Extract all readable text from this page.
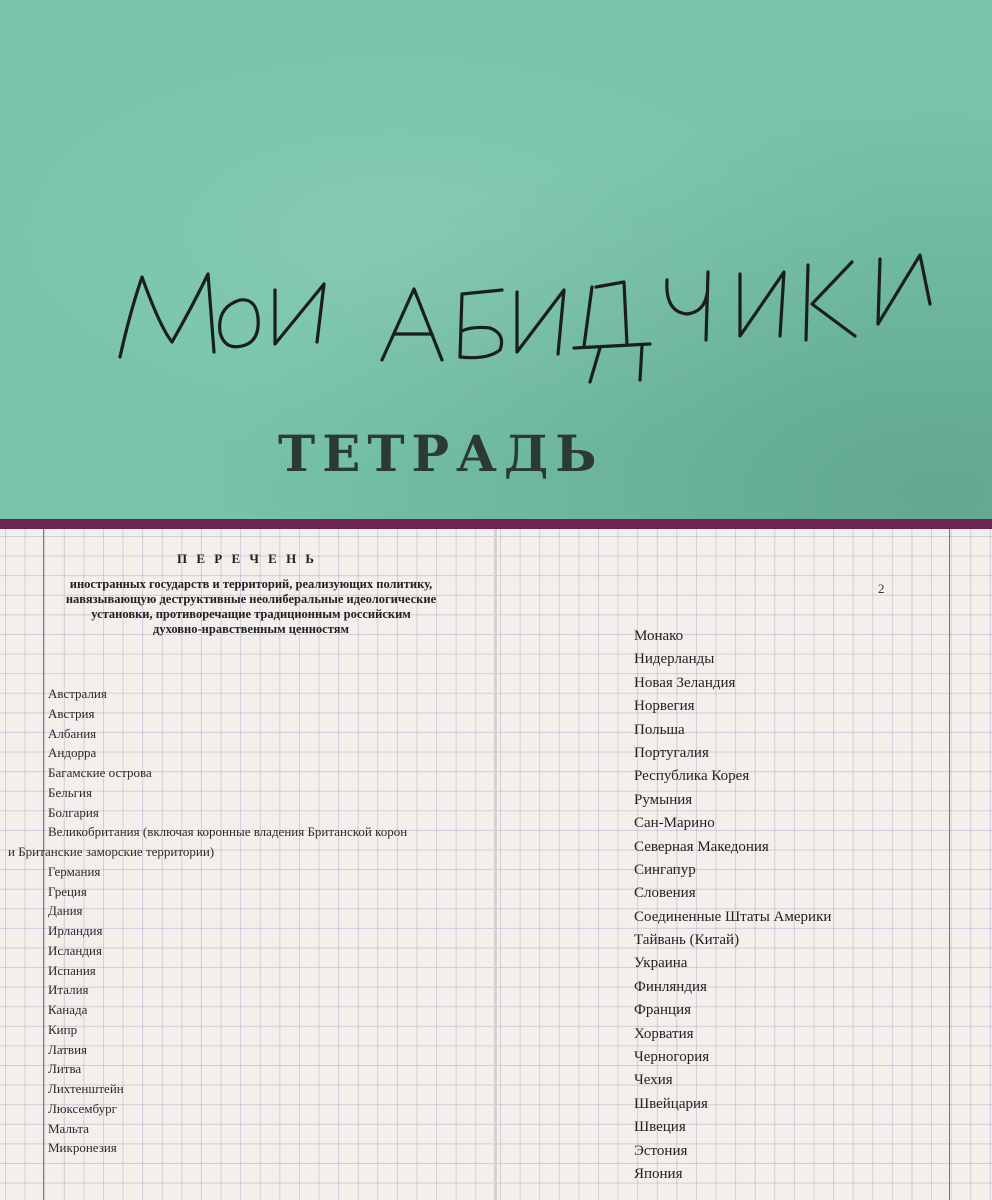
ТЕТРАДЬ
П Е Р Е Ч Е Н Ь
иностранных государств и территорий, реализующих политику,
навязывающую деструктивные неолиберальные идеологические
установки, противоречащие традиционным российским
духовно-нравственным ценностям
Австралия
Австрия
Албания
Андорра
Багамские острова
Бельгия
Болгария
Великобритания (включая коронные владения Британской корон
и Британские заморские территории)
Германия
Греция
Дания
Ирландия
Исландия
Испания
Италия
Канада
Кипр
Латвия
Литва
Лихтенштейн
Люксембург
Мальта
Микронезия
2
Монако
Нидерланды
Новая Зеландия
Норвегия
Польша
Португалия
Республика Корея
Румыния
Сан-Марино
Северная Македония
Сингапур
Словения
Соединенные Штаты Америки
Тайвань (Китай)
Украина
Финляндия
Франция
Хорватия
Черногория
Чехия
Швейцария
Швеция
Эстония
Япония
